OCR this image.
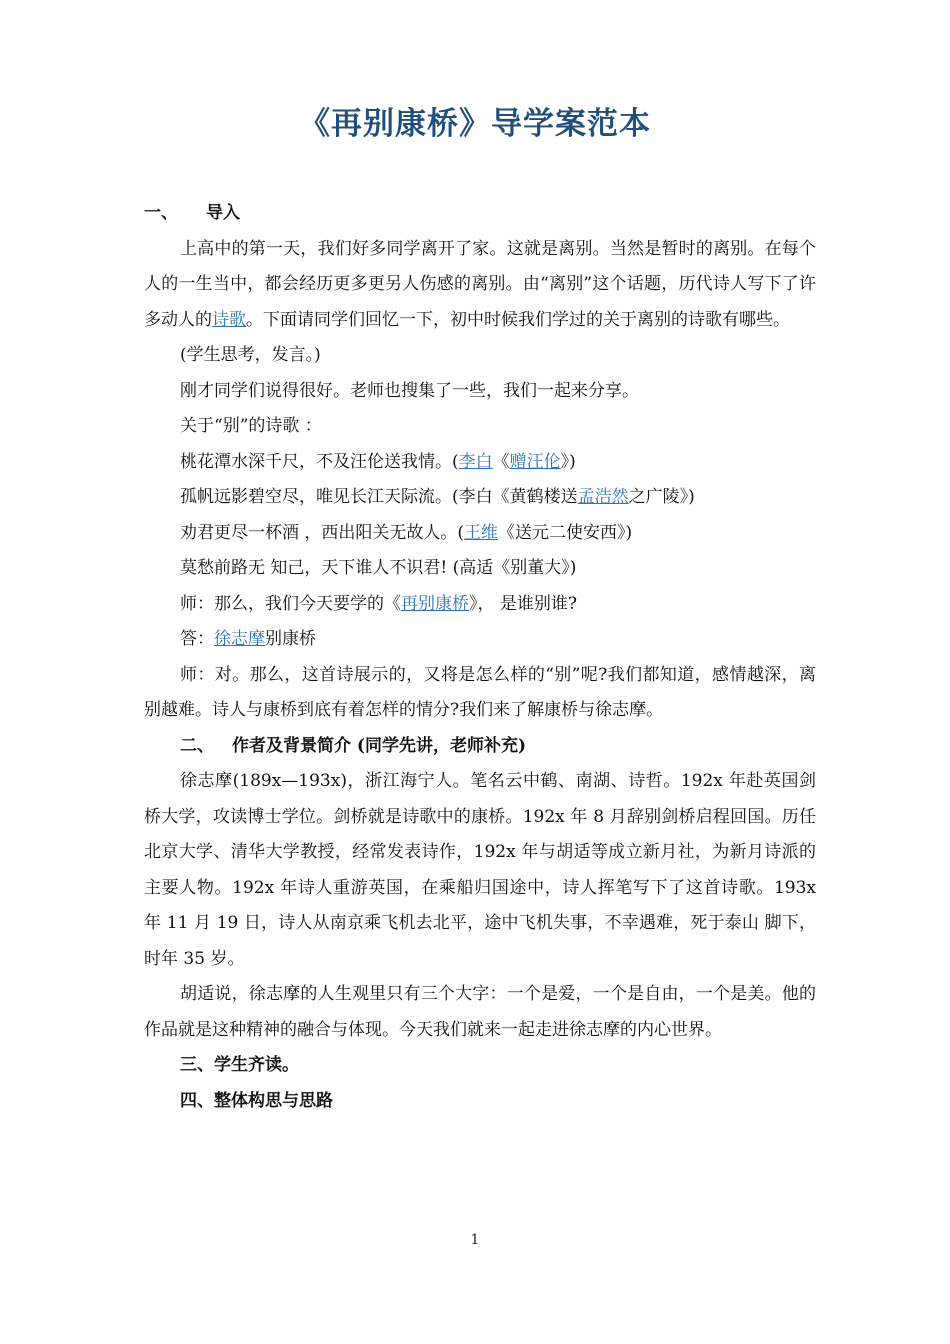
《再别康桥》导学案范本

一、 导入

上高中的第一天，我们好多同学离开了家。这就是离别。当然是暂时的离别。在每个人的一生当中，都会经历更多更另人伤感的离别。由“离别”这个话题，历代诗人写下了许多动人的诗歌。下面请同学们回忆一下，初中时候我们学过的关于离别的诗歌有哪些。

(学生思考，发言。)

刚才同学们说得很好。老师也搜集了一些，我们一起来分享。

关于“别”的诗歌 ：

桃花潭水深千尺，不及汪伦送我情。(李白《赠汪伦》)

孤帆远影碧空尽，唯见长江天际流。(李白《黄鹤楼送孟浩然之广陵》)

劝君更尽一杯酒 ，西出阳关无故人。(王维《送元二使安西》)

莫愁前路无 知己，天下谁人不识君! (高适《别董大》)

师：那么，我们今天要学的《再别康桥》， 是谁别谁?

答：徐志摩别康桥

师：对。那么，这首诗展示的，又将是怎么样的“别”呢?我们都知道，感情越深，离别越难。诗人与康桥到底有着怎样的情分?我们来了解康桥与徐志摩。

二、 作者及背景简介 (同学先讲，老师补充)

徐志摩(189x—193x)，浙江海宁人。笔名云中鹤、南湖、诗哲。192x 年赴英国剑桥大学，攻读博士学位。剑桥就是诗歌中的康桥。192x 年 8 月辞别剑桥启程回国。历任北京大学、清华大学教授，经常发表诗作，192x 年与胡适等成立新月社，为新月诗派的主要人物。192x 年诗人重游英国，在乘船归国途中，诗人挥笔写下了这首诗歌。193x 年 11 月 19 日，诗人从南京乘飞机去北平，途中飞机失事，不幸遇难，死于泰山 脚下，时年 35 岁。

胡适说，徐志摩的人生观里只有三个大字：一个是爱，一个是自由，一个是美。他的作品就是这种精神的融合与体现。今天我们就来一起走进徐志摩的内心世界。

三、学生齐读。

四、整体构思与思路

1
